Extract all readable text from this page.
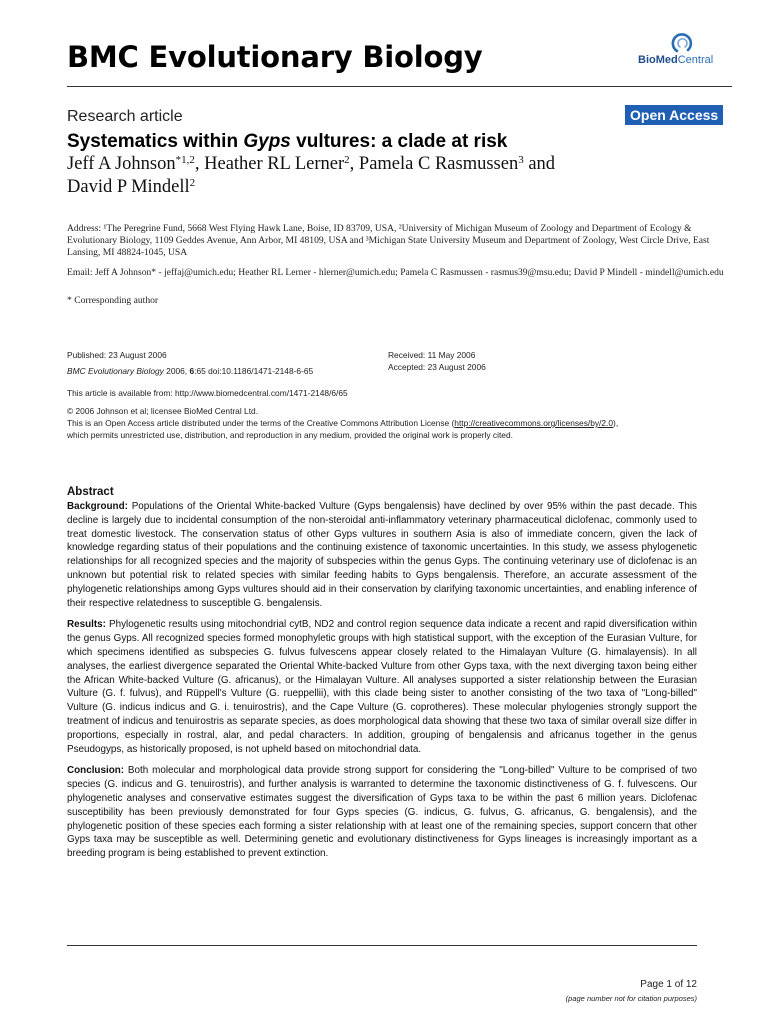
BMC Evolutionary Biology	BioMedCentral
Research article	Open Access
Systematics within Gyps vultures: a clade at risk
Jeff A Johnson$^{*1,2}$, Heather RL Lerner$^2$, Pamela C Rasmussen$^3$ and
David P Mindell$^2$
Address: ¹The Peregrine Fund, 5668 West Flying Hawk Lane, Boise, ID 83709, USA, ²University of Michigan Museum of Zoology and Department of Ecology & Evolutionary Biology, 1109 Geddes Avenue, Ann Arbor, MI 48109, USA and ³Michigan State University Museum and Department of Zoology, West Circle Drive, East Lansing, MI 48824-1045, USA
Email: Jeff A Johnson* - jeffaj@umich.edu; Heather RL Lerner - hlerner@umich.edu; Pamela C Rasmussen - rasmus39@msu.edu; David P Mindell - mindell@umich.edu
* Corresponding author
Published: 23 August 2006
BMC Evolutionary Biology 2006, 6:65 doi:10.1186/1471-2148-6-65
Received: 11 May 2006
Accepted: 23 August 2006
This article is available from: http://www.biomedcentral.com/1471-2148/6/65
© 2006 Johnson et al; licensee BioMed Central Ltd.
This is an Open Access article distributed under the terms of the Creative Commons Attribution License (http://creativecommons.org/licenses/by/2.0),
which permits unrestricted use, distribution, and reproduction in any medium, provided the original work is properly cited.
Abstract

Background: Populations of the Oriental White-backed Vulture (Gyps bengalensis) have declined by over 95% within the past decade. This decline is largely due to incidental consumption of the non-steroidal anti-inflammatory veterinary pharmaceutical diclofenac, commonly used to treat domestic livestock. The conservation status of other Gyps vultures in southern Asia is also of immediate concern, given the lack of knowledge regarding status of their populations and the continuing existence of taxonomic uncertainties. In this study, we assess phylogenetic relationships for all recognized species and the majority of subspecies within the genus Gyps. The continuing veterinary use of diclofenac is an unknown but potential risk to related species with similar feeding habits to Gyps bengalensis. Therefore, an accurate assessment of the phylogenetic relationships among Gyps vultures should aid in their conservation by clarifying taxonomic uncertainties, and enabling inference of their respective relatedness to susceptible G. bengalensis.

Results: Phylogenetic results using mitochondrial cytB, ND2 and control region sequence data indicate a recent and rapid diversification within the genus Gyps. All recognized species formed monophyletic groups with high statistical support, with the exception of the Eurasian Vulture, for which specimens identified as subspecies G. fulvus fulvescens appear closely related to the Himalayan Vulture (G. himalayensis). In all analyses, the earliest divergence separated the Oriental White-backed Vulture from other Gyps taxa, with the next diverging taxon being either the African White-backed Vulture (G. africanus), or the Himalayan Vulture. All analyses supported a sister relationship between the Eurasian Vulture (G. f. fulvus), and Rüppell's Vulture (G. rueppellii), with this clade being sister to another consisting of the two taxa of "Long-billed" Vulture (G. indicus indicus and G. i. tenuirostris), and the Cape Vulture (G. coprotheres). These molecular phylogenies strongly support the treatment of indicus and tenuirostris as separate species, as does morphological data showing that these two taxa of similar overall size differ in proportions, especially in rostral, alar, and pedal characters. In addition, grouping of bengalensis and africanus together in the genus Pseudogyps, as historically proposed, is not upheld based on mitochondrial data.

Conclusion: Both molecular and morphological data provide strong support for considering the "Long-billed" Vulture to be comprised of two species (G. indicus and G. tenuirostris), and further analysis is warranted to determine the taxonomic distinctiveness of G. f. fulvescens. Our phylogenetic analyses and conservative estimates suggest the diversification of Gyps taxa to be within the past 6 million years. Diclofenac susceptibility has been previously demonstrated for four Gyps species (G. indicus, G. fulvus, G. africanus, G. bengalensis), and the phylogenetic position of these species each forming a sister relationship with at least one of the remaining species, support concern that other Gyps taxa may be susceptible as well. Determining genetic and evolutionary distinctiveness for Gyps lineages is increasingly important as a breeding program is being established to prevent extinction.

Page 1 of 12
(page number not for citation purposes)
